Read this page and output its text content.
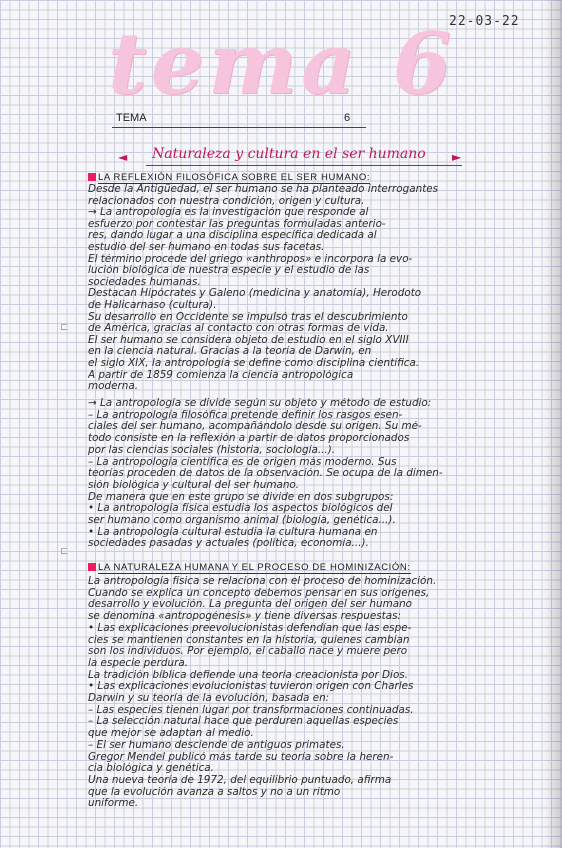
22-03-22
tema 6
TEMA	6
◄ Naturaleza y cultura en el ser humano ►
LA REFLEXIÓN FILOSÓFICA SOBRE EL SER HUMANO:
Desde la Antigüedad, el ser humano se ha planteado interrogantes
relacionados con nuestra condición, origen y cultura.
→ La antropología es la investigación que responde al
esfuerzo por contestar las preguntas formuladas anterio-
res, dando lugar a una disciplina específica dedicada al
estudio del ser humano en todas sus facetas.
El término procede del griego «anthropos» e incorpora la evo-
lución biológica de nuestra especie y el estudio de las
sociedades humanas.
Destacan Hipócrates y Galeno (medicina y anatomía), Herodoto
de Halicarnaso (cultura).
Su desarrollo en Occidente se impulsó tras el descubrimiento
de América, gracias al contacto con otras formas de vida.
El ser humano se considera objeto de estudio en el siglo XVIII
en la ciencia natural. Gracias a la teoría de Darwin, en
el siglo XIX, la antropología se define como disciplina científica.
A partir de 1859 comienza la ciencia antropológica
moderna.
→ La antropología se divide según su objeto y método de estudio:
– La antropología filosófica pretende definir los rasgos esen-
ciales del ser humano, acompañándolo desde su origen. Su mé-
todo consiste en la reflexión a partir de datos proporcionados
por las ciencias sociales (historia, sociología...).
– La antropología científica es de origen más moderno. Sus
teorías proceden de datos de la observación. Se ocupa de la dimen-
sión biológica y cultural del ser humano.
De manera que en este grupo se divide en dos subgrupos:
• La antropología física estudia los aspectos biológicos del
ser humano como organismo animal (biología, genética...).
• La antropología cultural estudia la cultura humana en
sociedades pasadas y actuales (política, economía...).
LA NATURALEZA HUMANA Y EL PROCESO DE HOMINIZACIÓN:
La antropología física se relaciona con el proceso de hominización.
Cuando se explica un concepto debemos pensar en sus orígenes,
desarrollo y evolución. La pregunta del origen del ser humano
se denomina «antropogénesis» y tiene diversas respuestas:
• Las explicaciones preevolucionistas defendían que las espe-
cies se mantienen constantes en la historia, quienes cambian
son los individuos. Por ejemplo, el caballo nace y muere pero
la especie perdura.
La tradición bíblica defiende una teoría creacionista por Dios.
• Las explicaciones evolucionistas tuvieron origen con Charles
Darwin y su teoría de la evolución, basada en:
– Las especies tienen lugar por transformaciones continuadas.
– La selección natural hace que perduren aquellas especies
que mejor se adaptan al medio.
– El ser humano desciende de antiguos primates.
Gregor Mendel publicó más tarde su teoría sobre la heren-
cia biológica y genética.
Una nueva teoría de 1972, del equilibrio puntuado, afirma
que la evolución avanza a saltos y no a un ritmo
uniforme.
⊏
⊏
